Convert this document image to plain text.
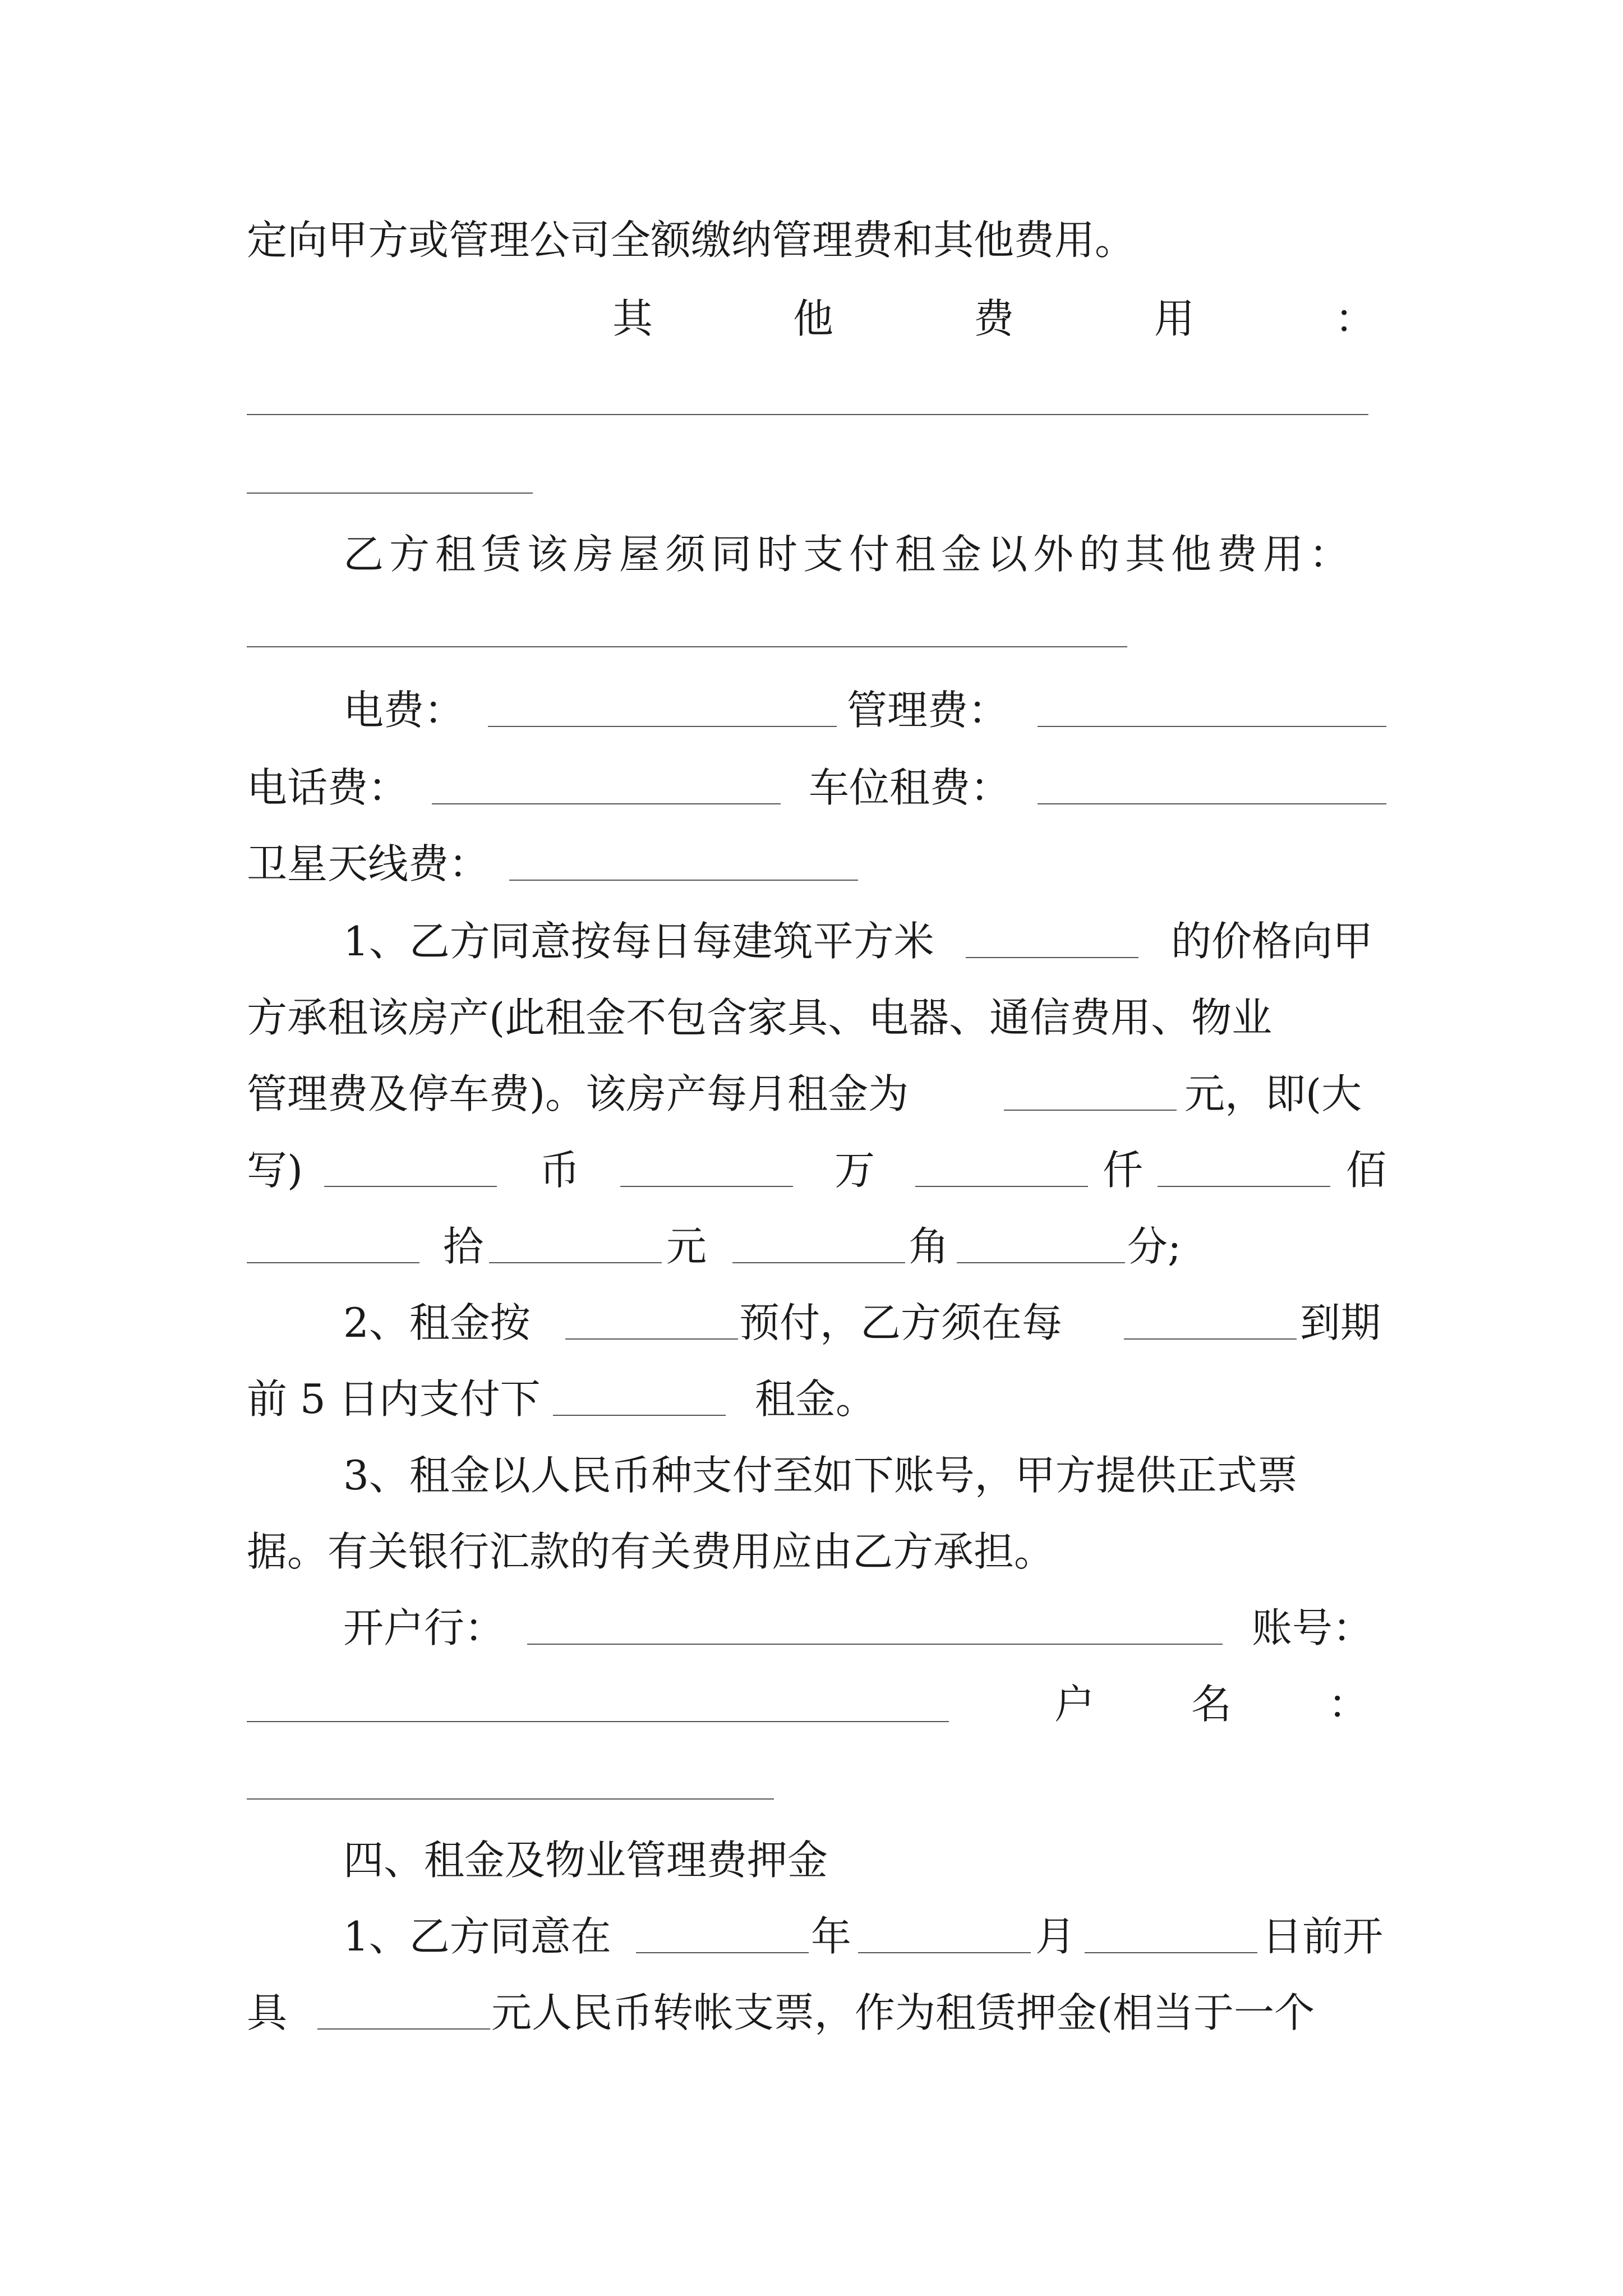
定向甲方或管理公司全额缴纳管理费和其他费用。
其	他	费	用	：
乙方租赁该房屋须同时支付租金以外的其他费用：
电费：	管理费：
电话费：	车位租费：
卫星天线费：
1、乙方同意按每日每建筑平方米	的价格向甲
方承租该房产(此租金不包含家具、电器、通信费用、物业
管理费及停车费)。该房产每月租金为	元，即(大
写)	币	万	仟	佰
拾	元	角	分;
2、租金按	预付，乙方须在每	到期
前 5 日内支付下	租金。
3、租金以人民币种支付至如下账号，甲方提供正式票
据。有关银行汇款的有关费用应由乙方承担。
开户行：	账号：
户 名 ：
四、租金及物业管理费押金
1、乙方同意在	年	月	日前开
具	元人民币转帐支票，作为租赁押金(相当于一个
